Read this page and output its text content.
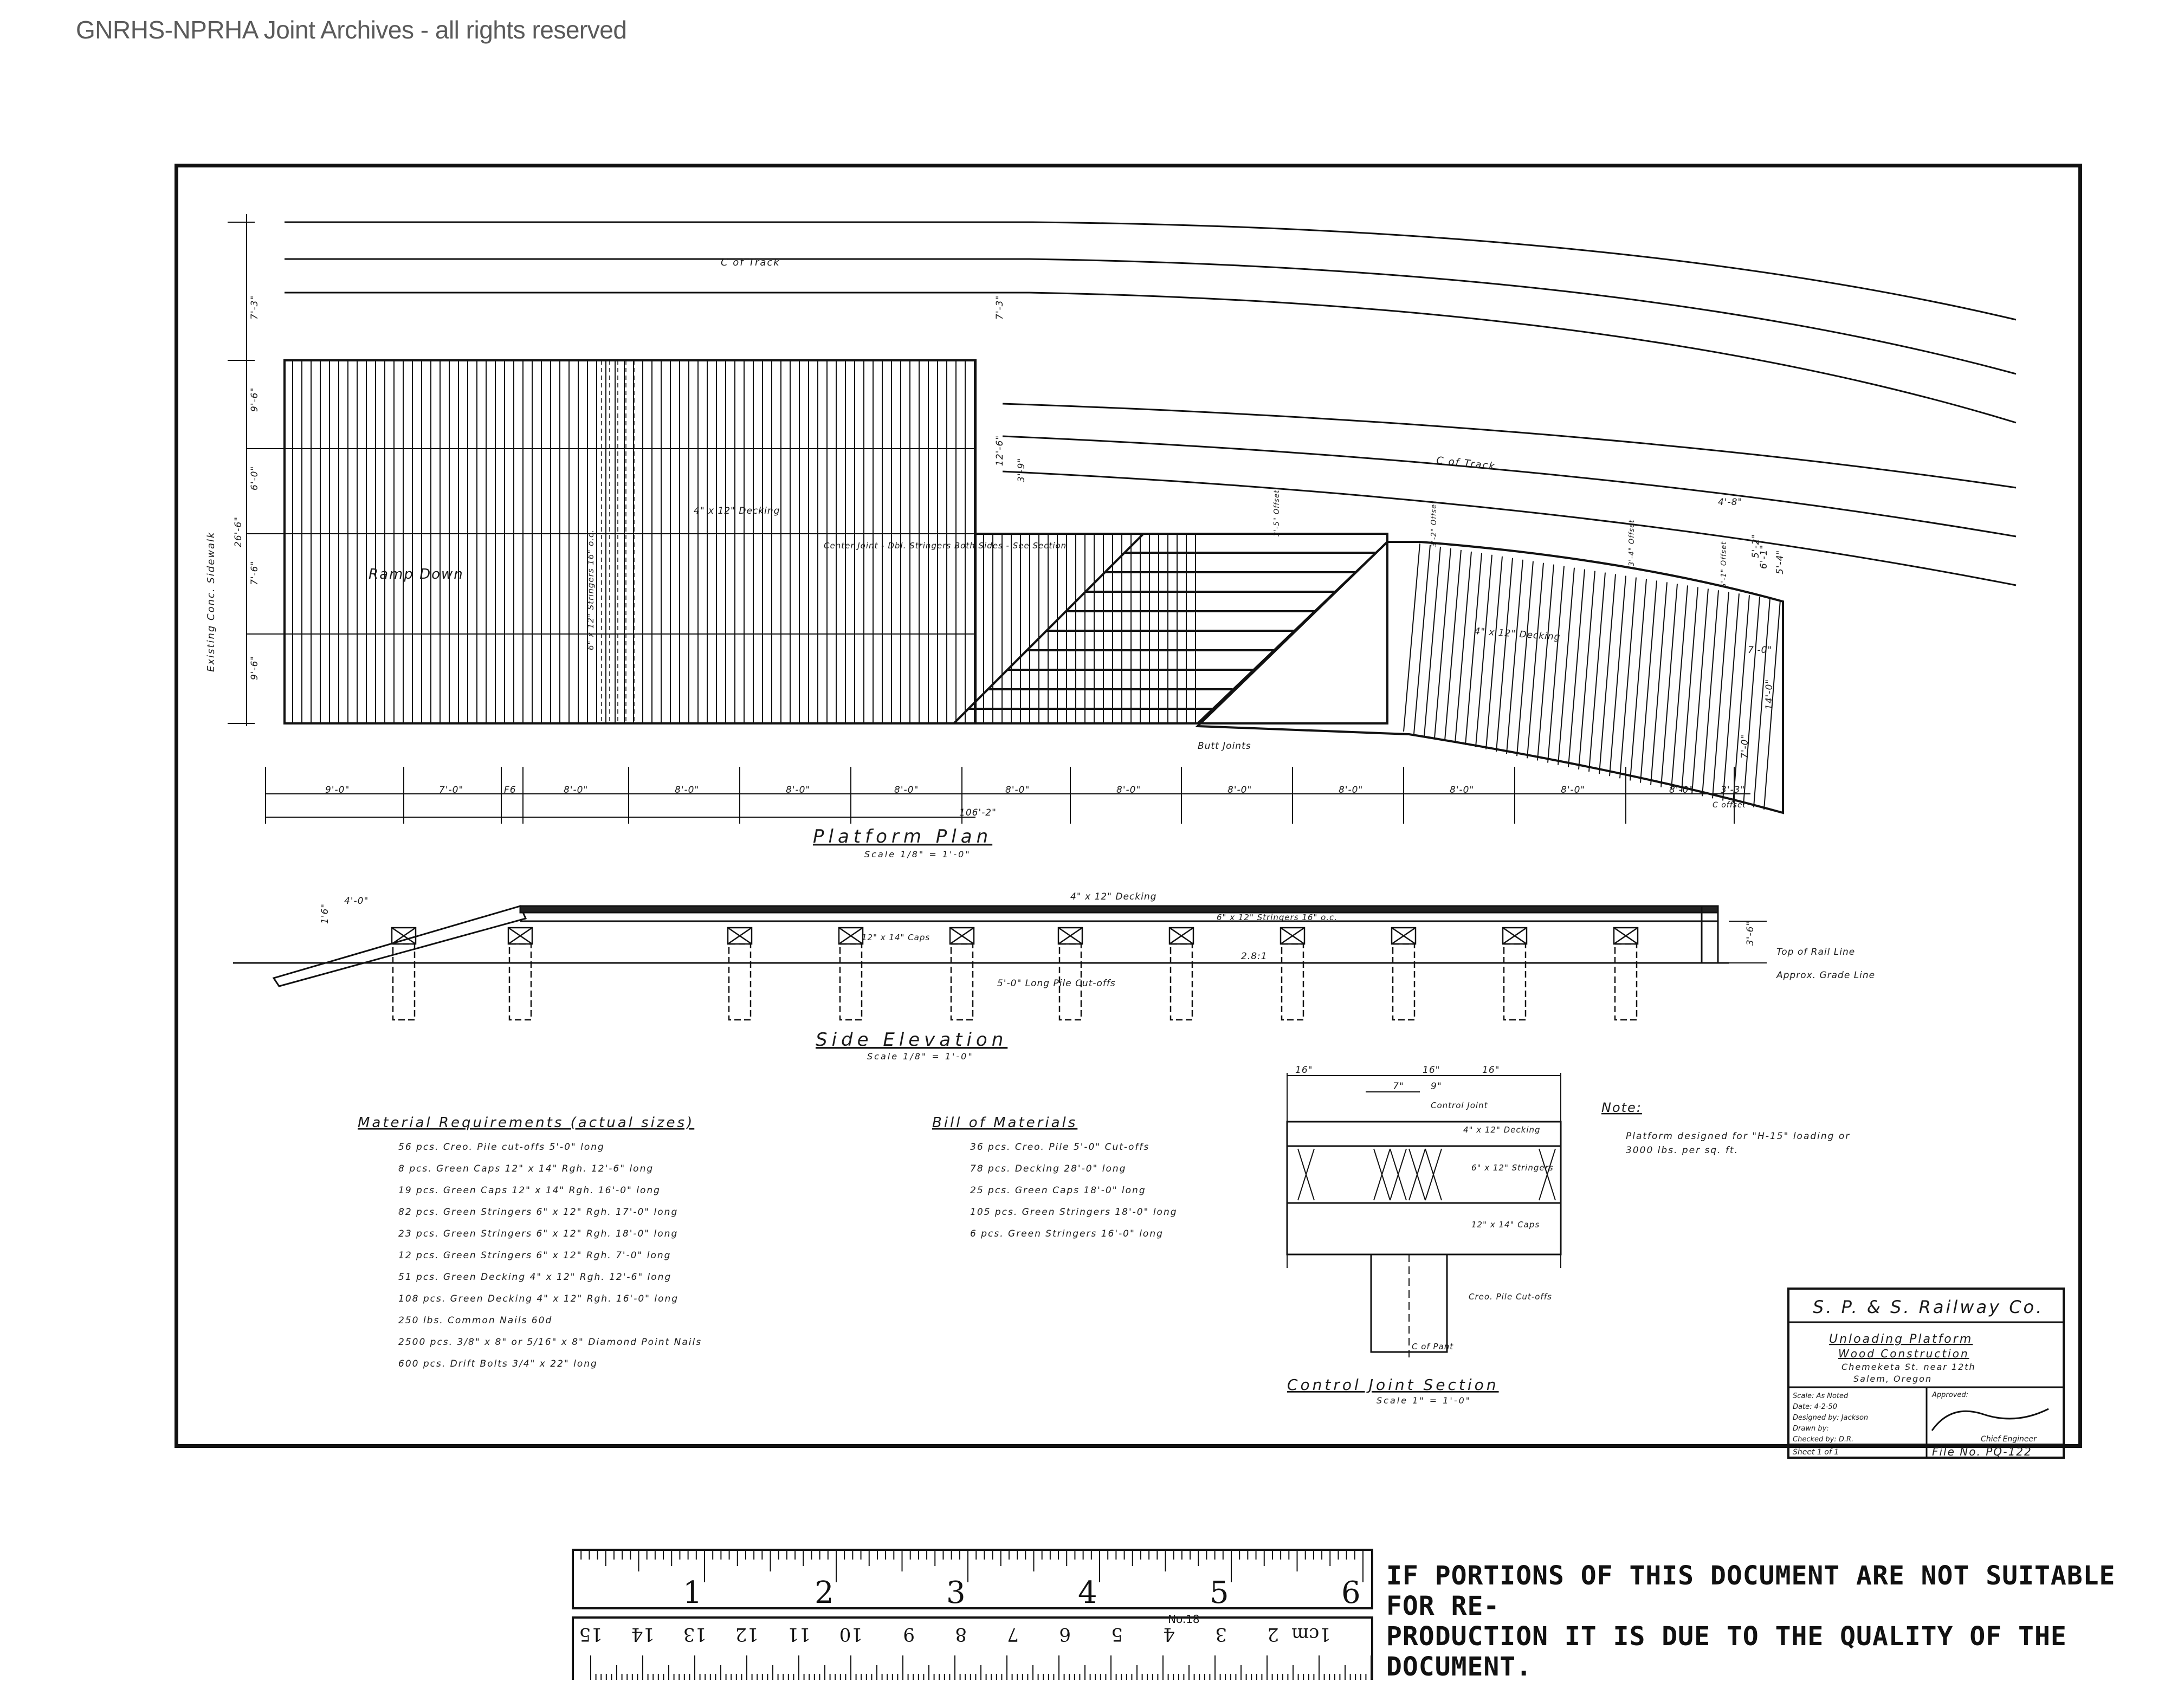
GNRHS-NPRHA Joint Archives - all rights reserved
C of Track
C of Track
Existing Conc. Sidewalk	Ramp Down
4" x 12" Decking
4" x 12" Decking
Center Joint - Dbl. Stringers Both Sides - See Section
6" x 12" Stringers 16" o.c.
Butt Joints
106'-2"
C offset
7'-3"
9'-6"
6'-0"
26'-6"
7'-6"
9'-6"
9'-0"	7'-0"	F6	8'-0"	8'-0"	8'-0"	8'-0"	8'-0"	8'-0"	8'-0"	8'-0"	8'-0"	8'-0"	8'-0"	3'-3"
4'-8"
5'-2"
5'-4"
6'-1"
7'-0"
14'-0"
7'-0"
7'-3"
12'-6"
3'-9"
3'-5" Offset	3'-2" Offset	3'-4" Offset	6'-1" Offset
Platform Plan
Scale 1/8" = 1'-0"
4" x 12" Decking
6" x 12" Stringers 16" o.c.
12" x 14" Caps
5'-0" Long Pile Cut-offs
Top of Rail Line
Approx. Grade Line
4'-0"
1'6"
3'-6"
2.8:1
Side Elevation
Scale 1/8" = 1'-0"
Material Requirements (actual sizes)
56 pcs. Creo. Pile cut-offs 5'-0" long
8 pcs. Green Caps 12" x 14" Rgh. 12'-6" long
19 pcs. Green Caps 12" x 14" Rgh. 16'-0" long
82 pcs. Green Stringers 6" x 12" Rgh. 17'-0" long
23 pcs. Green Stringers 6" x 12" Rgh. 18'-0" long
12 pcs. Green Stringers 6" x 12" Rgh. 7'-0" long
51 pcs. Green Decking 4" x 12" Rgh. 12'-6" long
108 pcs. Green Decking 4" x 12" Rgh. 16'-0" long
250 lbs. Common Nails 60d
2500 pcs. 3/8" x 8" or 5/16" x 8" Diamond Point Nails
600 pcs. Drift Bolts 3/4" x 22" long
Bill of Materials
36 pcs. Creo. Pile 5'-0" Cut-offs
78 pcs. Decking 28'-0" long
25 pcs. Green Caps 18'-0" long
105 pcs. Green Stringers 18'-0" long
6 pcs. Green Stringers 16'-0" long
16"	16"	16"
7"	9"
Control Joint
4" x 12" Decking
6" x 12" Stringers
12" x 14" Caps
Creo. Pile Cut-offs
C of Pant
Control Joint Section
Scale 1" = 1'-0"
Note:
Platform designed for "H-15" loading or
3000 lbs. per sq. ft.
S. P. & S. Railway Co.
Unloading Platform
Wood Construction
Chemeketa St. near 12th
Salem, Oregon
Scale: As Noted
Date: 4-2-50
Designed by: Jackson
Drawn by:
Checked by: D.R.
Approved:
Chief Engineer
Sheet 1 of 1	File No. PQ-122
1	2	3	4	5	6
1cm
2
3
4
5
6
7
8
9
10
11
12
13
14
15
No.18
IF PORTIONS OF THIS DOCUMENT ARE NOT SUITABLE FOR RE-
PRODUCTION IT IS DUE TO THE QUALITY OF THE DOCUMENT.
